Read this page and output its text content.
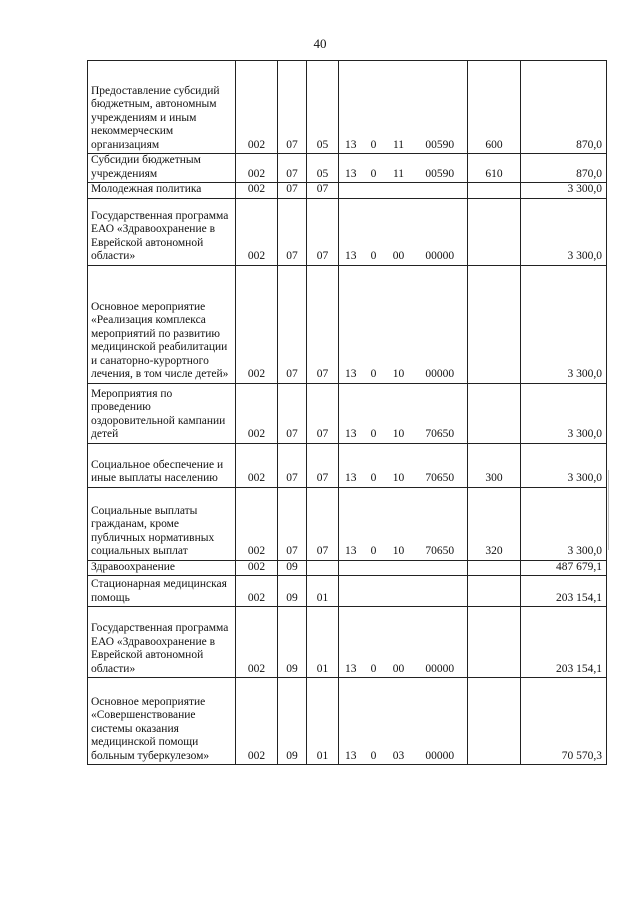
40
Предоставление субсидий бюджетным, автономным учреждениям и иным некоммерческим организациям	002	07	05	13	0	11	00590	600	870,0
Субсидии бюджетным учреждениям	002	07	05	13	0	11	00590	610	870,0
Молодежная политика	002	07	07						3 300,0
Государственная программа ЕАО «Здравоохранение в Еврейской автономной области»	002	07	07	13	0	00	00000		3 300,0
Основное мероприятие «Реализация комплекса мероприятий по развитию медицинской реабилитации и санаторно-курортного лечения, в том числе детей»	002	07	07	13	0	10	00000		3 300,0
Мероприятия по проведению оздоровительной кампании детей	002	07	07	13	0	10	70650		3 300,0
Социальное обеспечение и иные выплаты населению	002	07	07	13	0	10	70650	300	3 300,0
Социальные выплаты гражданам, кроме публичных нормативных социальных выплат	002	07	07	13	0	10	70650	320	3 300,0
Здравоохранение	002	09							487 679,1
Стационарная медицинская помощь	002	09	01						203 154,1
Государственная программа ЕАО «Здравоохранение в Еврейской автономной области»	002	09	01	13	0	00	00000		203 154,1
Основное мероприятие «Совершенствование системы оказания медицинской помощи больным туберкулезом»	002	09	01	13	0	03	00000		70 570,3
